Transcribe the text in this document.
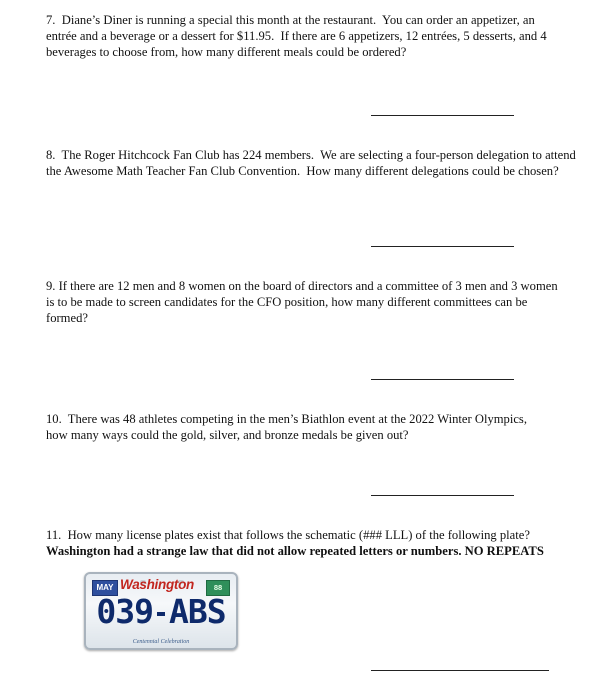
7.  Diane’s Diner is running a special this month at the restaurant.  You can order an appetizer, an entrée and a beverage or a dessert for $11.95.  If there are 6 appetizers, 12 entrées, 5 desserts, and 4 beverages to choose from, how many different meals could be ordered?

8.  The Roger Hitchcock Fan Club has 224 members.  We are selecting a four-person delegation to attend the Awesome Math Teacher Fan Club Convention.  How many different delegations could be chosen?

9. If there are 12 men and 8 women on the board of directors and a committee of 3 men and 3 women is to be made to screen candidates for the CFO position, how many different committees can be formed?

10.  There was 48 athletes competing in the men’s Biathlon event at the 2022 Winter Olympics, how many ways could the gold, silver, and bronze medals be given out?

11.  How many license plates exist that follows the schematic (### LLL) of the following plate?

Washington had a strange law that did not allow repeated letters or numbers. NO REPEATS

MAY Washington	88
039 ABS
Centennial Celebration
